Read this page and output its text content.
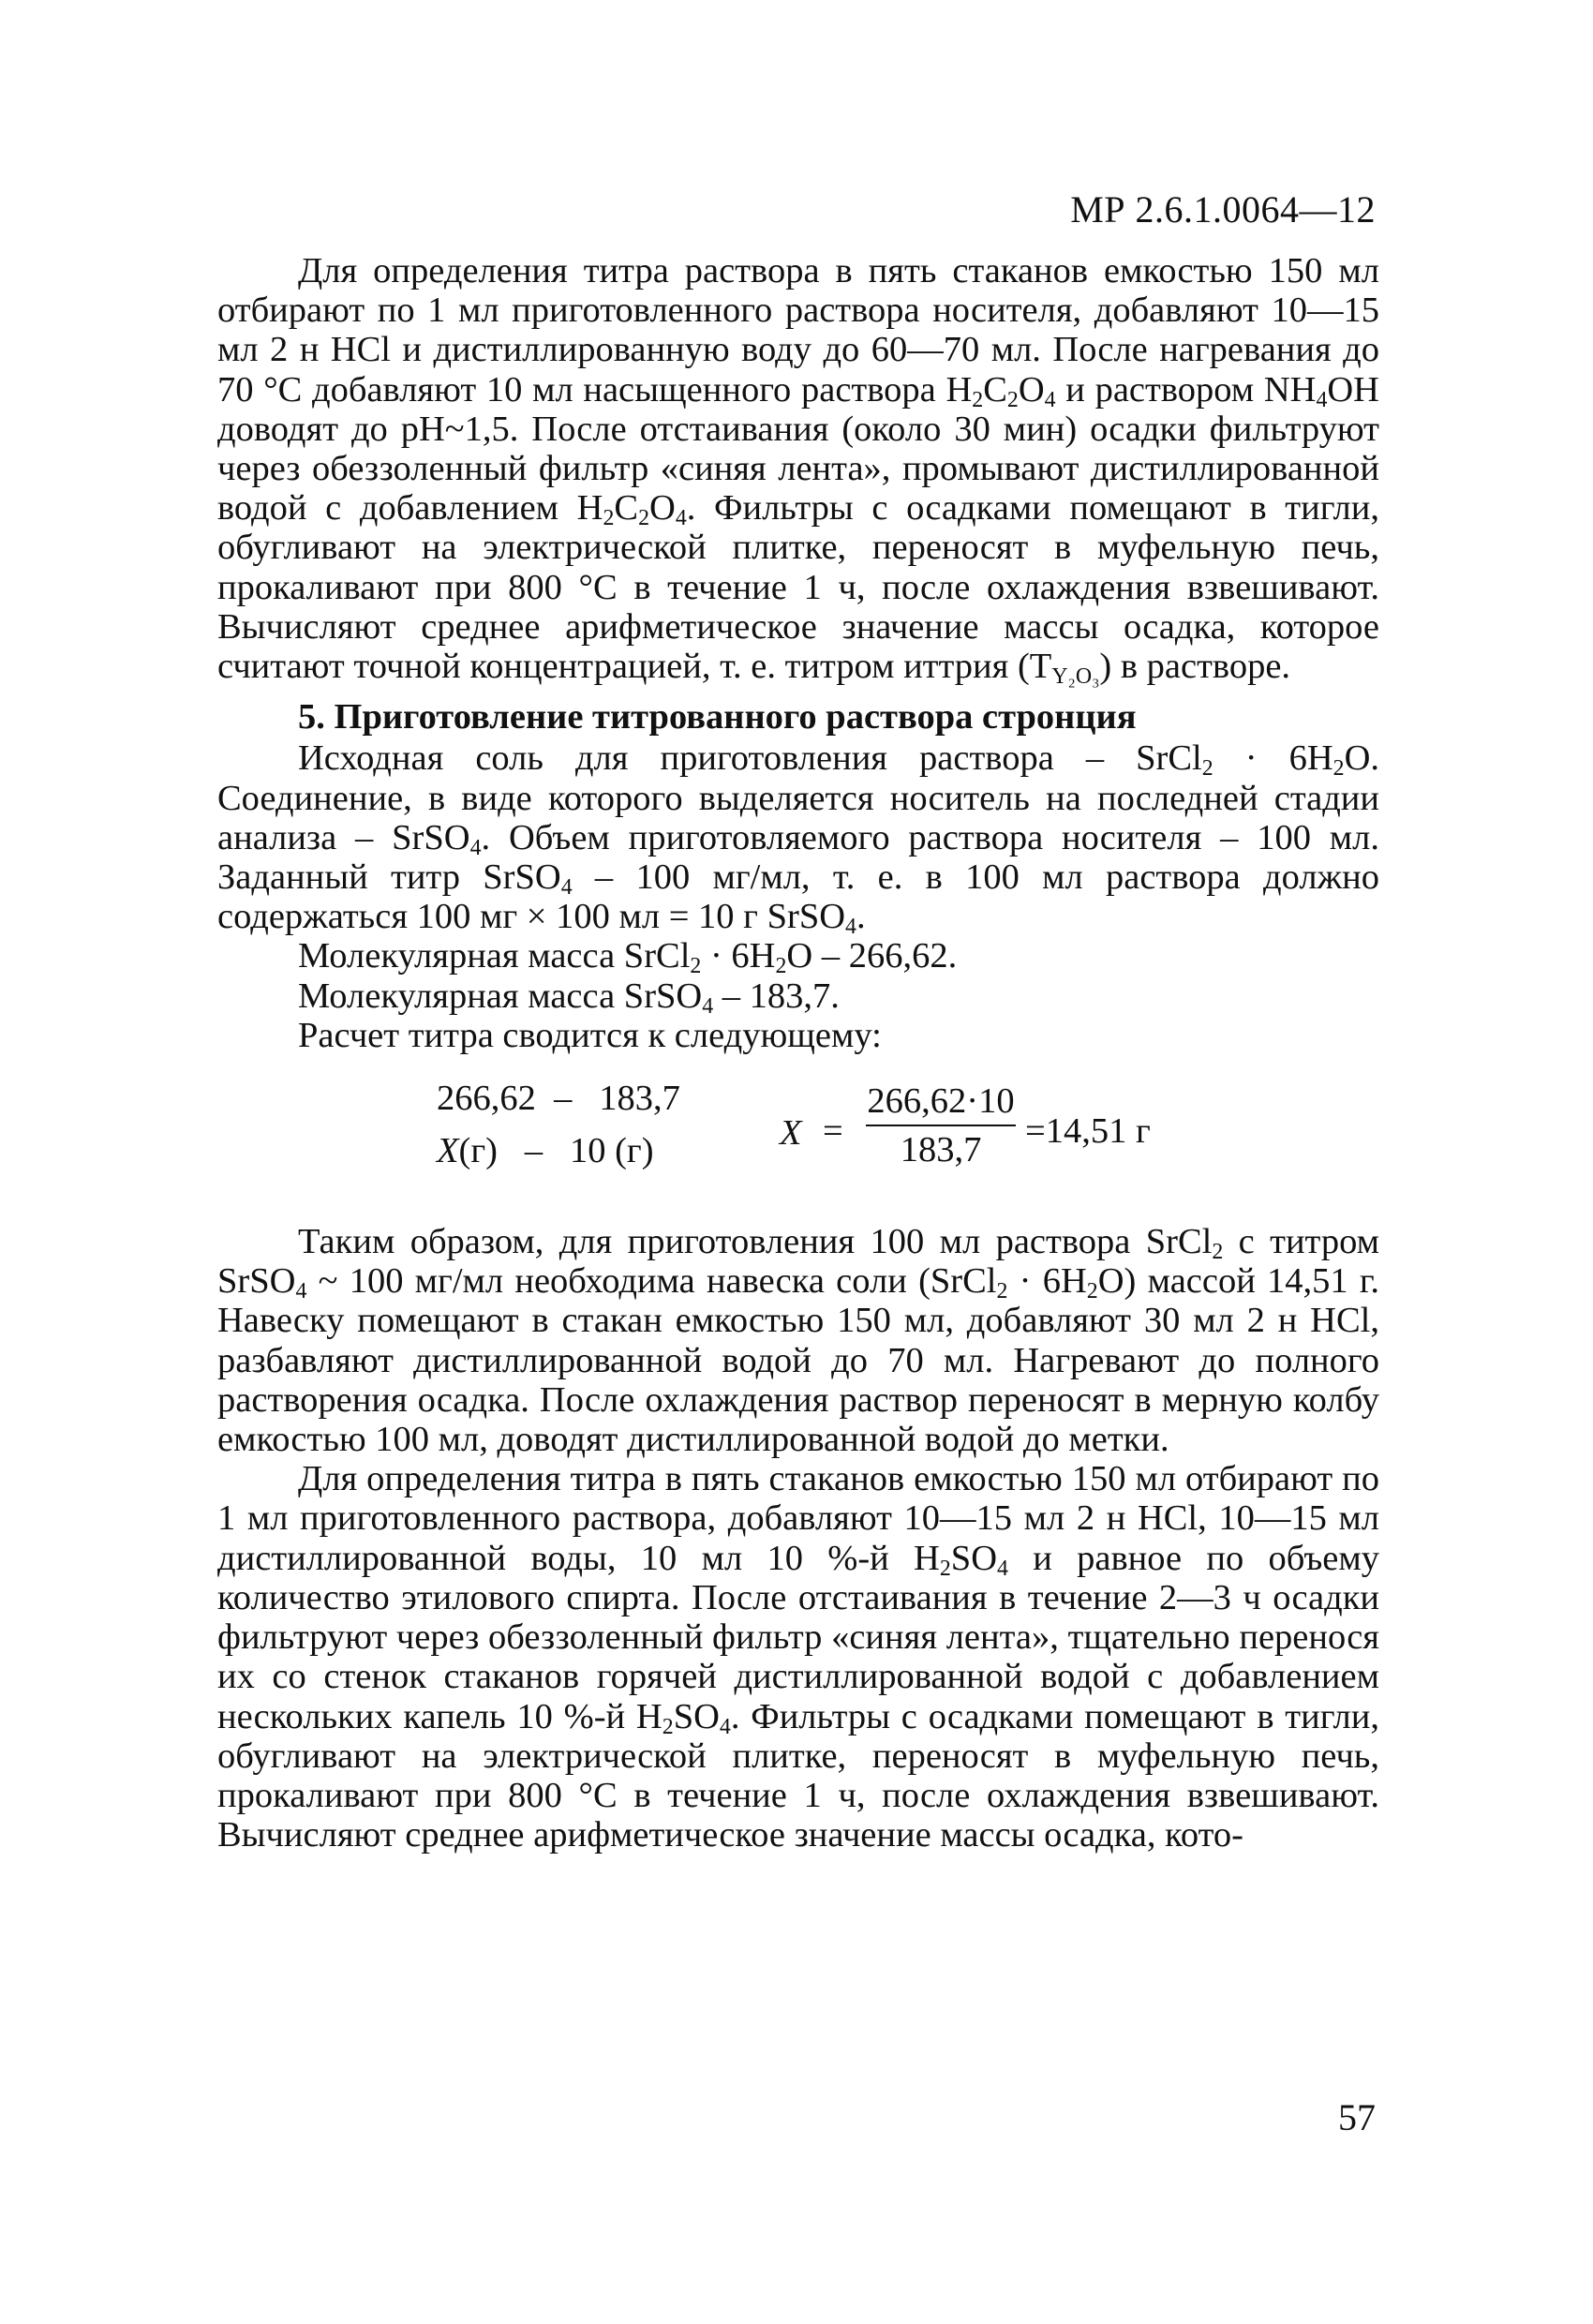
МР 2.6.1.0064—12

Для определения титра раствора в пять стаканов емкостью 150 мл отбирают по 1 мл приготовленного раствора носителя, добавляют 10—15 мл 2 н HCl и дистиллированную воду до 60—70 мл. После нагревания до 70 °С добавляют 10 мл насыщенного раствора $H_2C_2O_4$ и раствором $NH_4OH$ доводят до рН~1,5. После отстаивания (около 30 мин) осадки фильтруют через обеззоленный фильтр «синяя лента», промывают дистиллированной водой с добавлением $H_2C_2O_4$. Фильтры с осадками помещают в тигли, обугливают на электрической плитке, переносят в муфельную печь, прокаливают при 800 °С в течение 1 ч, после охлаждения взвешивают. Вычисляют среднее арифметическое значение массы осадка, которое считают точной концентрацией, т. е. титром иттрия $(T_{Y_2O_3})$ в растворе.

5. Приготовление титрованного раствора стронция

Исходная соль для приготовления раствора – SrCl$_2$ · $6H_2O$. Соединение, в виде которого выделяется носитель на последней стадии анализа – SrSO$_4$. Объем приготовляемого раствора носителя – 100 мл. Заданный титр SrSO$_4$ – 100 мг/мл, т. е. в 100 мл раствора должно содержаться 100 мг × 100 мл = 10 г SrSO$_4$.

Молекулярная масса SrCl$_2$ · $6H_2O - 266,62$.

Молекулярная масса SrSO$_4$ – 183,7.

Расчет титра сводится к следующему:

266,62  –   183,7
X(г)   –   10 (г)	X =
266,62·10
183,7	=14,51 г

Таким образом, для приготовления 100 мл раствора SrCl$_2$ с титром SrSO$_4$ ~ 100 мг/мл необходима навеска соли (SrCl$_2$ · $6H_2O$) массой 14,51 г. Навеску помещают в стакан емкостью 150 мл, добавляют 30 мл 2 н HCl, разбавляют дистиллированной водой до 70 мл. Нагревают до полного растворения осадка. После охлаждения раствор переносят в мерную колбу емкостью 100 мл, доводят дистиллированной водой до метки.

Для определения титра в пять стаканов емкостью 150 мл отбирают по 1 мл приготовленного раствора, добавляют 10—15 мл 2 н HCl, 10—15 мл дистиллированной воды, 10 мл 10 %-й $H_2SO_4$ и равное по объему количество этилового спирта. После отстаивания в течение 2—3 ч осадки фильтруют через обеззоленный фильтр «синяя лента», тщательно перенося их со стенок стаканов горячей дистиллированной водой с добавлением нескольких капель 10 %-й $H_2SO_4$. Фильтры с осадками помещают в тигли, обугливают на электрической плитке, переносят в муфельную печь, прокаливают при 800 °С в течение 1 ч, после охлаждения взвешивают. Вычисляют среднее арифметическое значение массы осадка, кото-

57
